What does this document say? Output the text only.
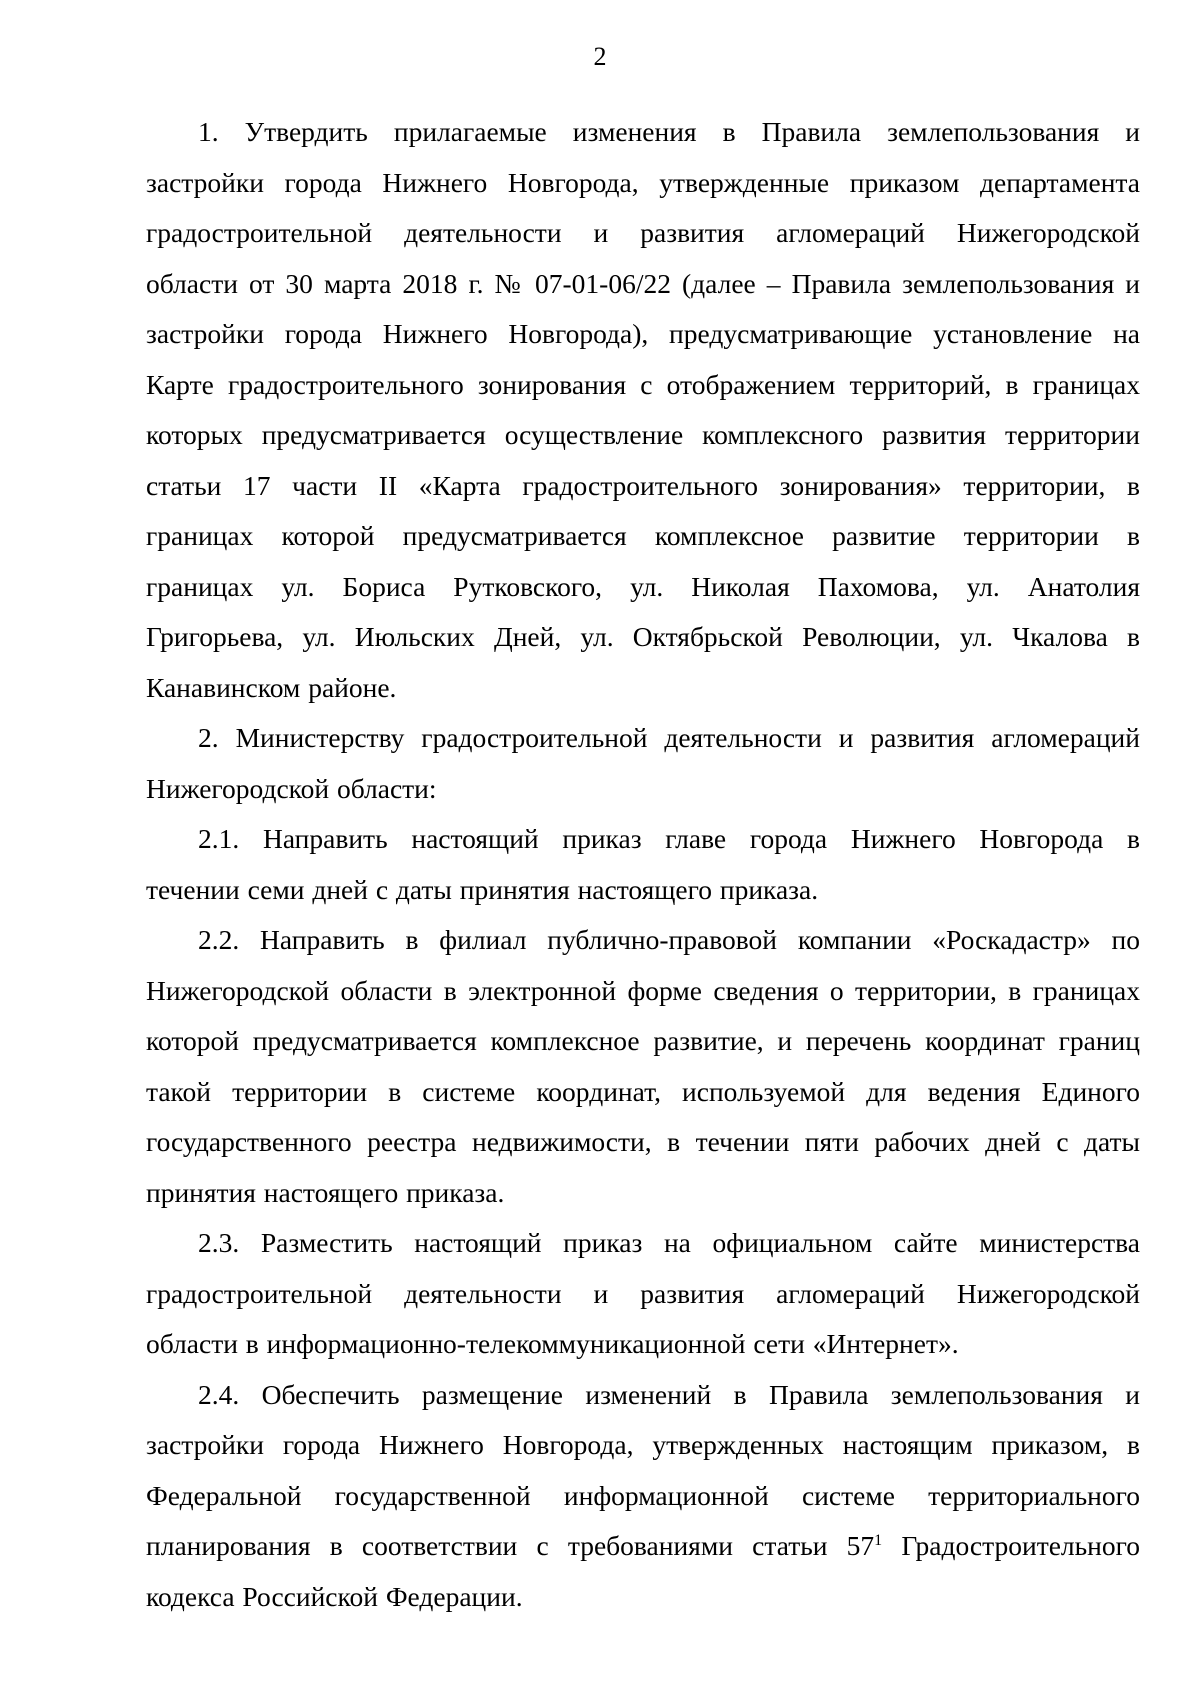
2
1. Утвердить прилагаемые изменения в Правила землепользования и
застройки города Нижнего Новгорода, утвержденные приказом департамента
градостроительной деятельности и развития агломераций Нижегородской
области от 30 марта 2018 г. № 07-01-06/22 (далее – Правила землепользования и
застройки города Нижнего Новгорода), предусматривающие установление на
Карте градостроительного зонирования с отображением территорий, в границах
которых предусматривается осуществление комплексного развития территории
статьи 17 части II «Карта градостроительного зонирования» территории, в
границах которой предусматривается комплексное развитие территории в
границах ул. Бориса Рутковского, ул. Николая Пахомова, ул. Анатолия
Григорьева, ул. Июльских Дней, ул. Октябрьской Революции, ул. Чкалова в
Канавинском районе.
2. Министерству градостроительной деятельности и развития агломераций
Нижегородской области:
2.1. Направить настоящий приказ главе города Нижнего Новгорода в
течении семи дней с даты принятия настоящего приказа.
2.2. Направить в филиал публично-правовой компании «Роскадастр» по
Нижегородской области в электронной форме сведения о территории, в границах
которой предусматривается комплексное развитие, и перечень координат границ
такой территории в системе координат, используемой для ведения Единого
государственного реестра недвижимости, в течении пяти рабочих дней с даты
принятия настоящего приказа.
2.3. Разместить настоящий приказ на официальном сайте министерства
градостроительной деятельности и развития агломераций Нижегородской
области в информационно-телекоммуникационной сети «Интернет».
2.4. Обеспечить размещение изменений в Правила землепользования и
застройки города Нижнего Новгорода, утвержденных настоящим приказом, в
Федеральной государственной информационной системе территориального
планирования в соответствии с требованиями статьи $57^1$ Градостроительного
кодекса Российской Федерации.
